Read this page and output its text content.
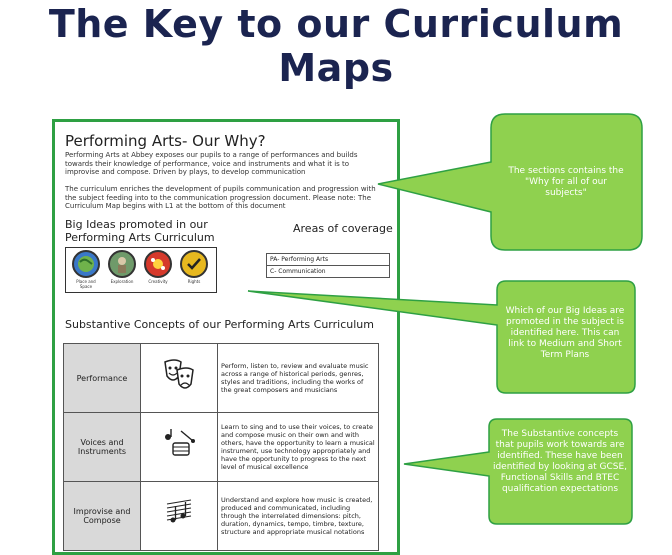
The Key to our Curriculum Maps
Performing Arts- Our Why?
Performing Arts at Abbey exposes our pupils to a range of performances and builds towards their knowledge of performance, voice and instruments and what it is to improvise and compose. Driven by plays, to develop communication
The curriculum enriches the development of pupils communication and progression with the subject feeding into to the communication progression document. Please note: The Curriculum Map begins with L1 at the bottom of this document
Big Ideas promoted in our Performing Arts Curriculum
Areas of coverage
Place and Space
Exploration	Creativity	Rights
PA- Performing Arts
C- Communication
Substantive Concepts of our Performing Arts Curriculum
Performance		Perform, listen to, review and evaluate music across a range of historical periods, genres, styles and traditions, including the works of the great composers and musicians
Voices and Instruments		Learn to sing and to use their voices, to create and compose music on their own and with others, have the opportunity to learn a musical instrument, use technology appropriately and have the opportunity to progress to the next level of musical excellence
Improvise and Compose		Understand and explore how music is created, produced and communicated, including through the interrelated dimensions: pitch, duration, dynamics, tempo, timbre, texture, structure and appropriate musical notations
The sections contains the "Why for all of our subjects"
Which of our Big Ideas are promoted in the subject is identified here. This can link to Medium and Short Term Plans
The Substantive concepts that pupils work towards are identified. These have been identified by looking at GCSE, Functional Skills and BTEC qualification expectations
